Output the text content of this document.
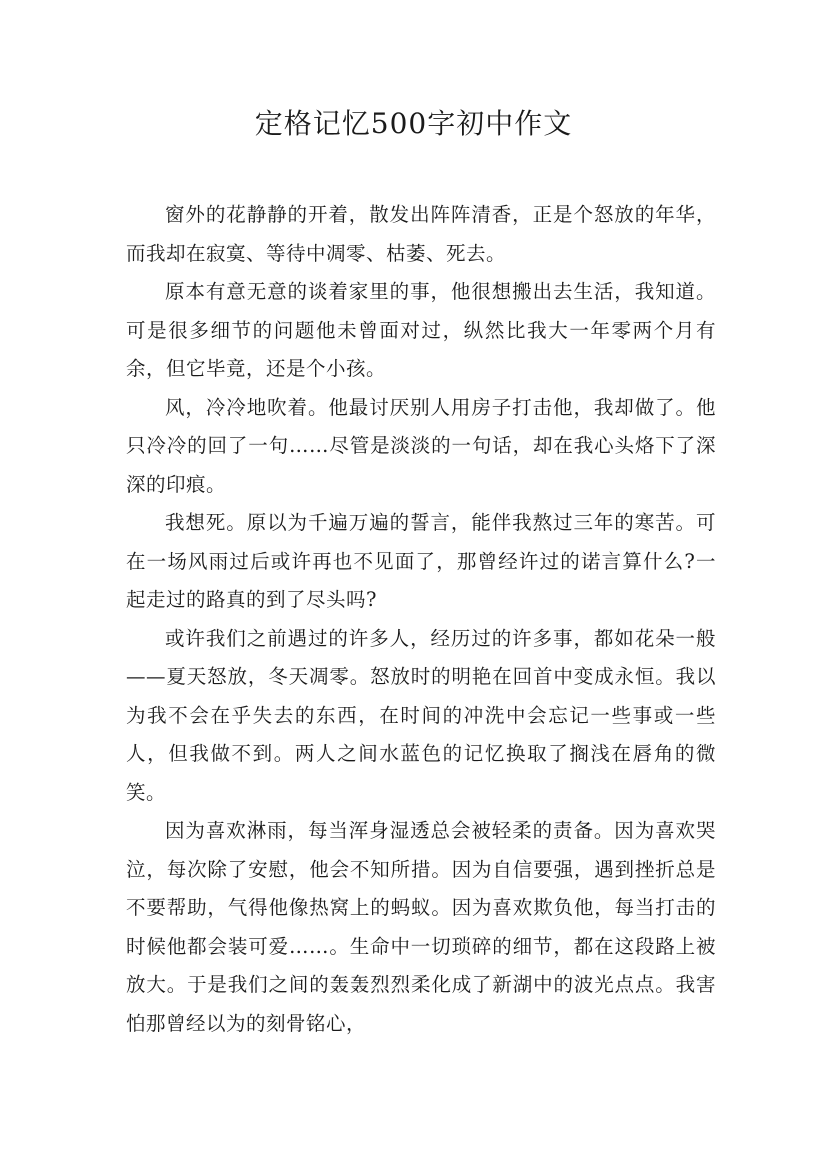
定格记忆500字初中作文

窗外的花静静的开着，散发出阵阵清香，正是个怒放的年华，而我却在寂寞、等待中凋零、枯萎、死去。

原本有意无意的谈着家里的事，他很想搬出去生活，我知道。可是很多细节的问题他未曾面对过，纵然比我大一年零两个月有余，但它毕竟，还是个小孩。

风，冷冷地吹着。他最讨厌别人用房子打击他，我却做了。他只冷冷的回了一句……尽管是淡淡的一句话，却在我心头烙下了深深的印痕。

我想死。原以为千遍万遍的誓言，能伴我熬过三年的寒苦。可在一场风雨过后或许再也不见面了，那曾经许过的诺言算什么?一起走过的路真的到了尽头吗?

或许我们之前遇过的许多人，经历过的许多事，都如花朵一般——夏天怒放，冬天凋零。怒放时的明艳在回首中变成永恒。我以为我不会在乎失去的东西，在时间的冲洗中会忘记一些事或一些人，但我做不到。两人之间水蓝色的记忆换取了搁浅在唇角的微笑。

因为喜欢淋雨，每当浑身湿透总会被轻柔的责备。因为喜欢哭泣，每次除了安慰，他会不知所措。因为自信要强，遇到挫折总是不要帮助，气得他像热窝上的蚂蚁。因为喜欢欺负他，每当打击的时候他都会装可爱……。生命中一切琐碎的细节，都在这段路上被放大。于是我们之间的轰轰烈烈柔化成了新湖中的波光点点。我害怕那曾经以为的刻骨铭心，
